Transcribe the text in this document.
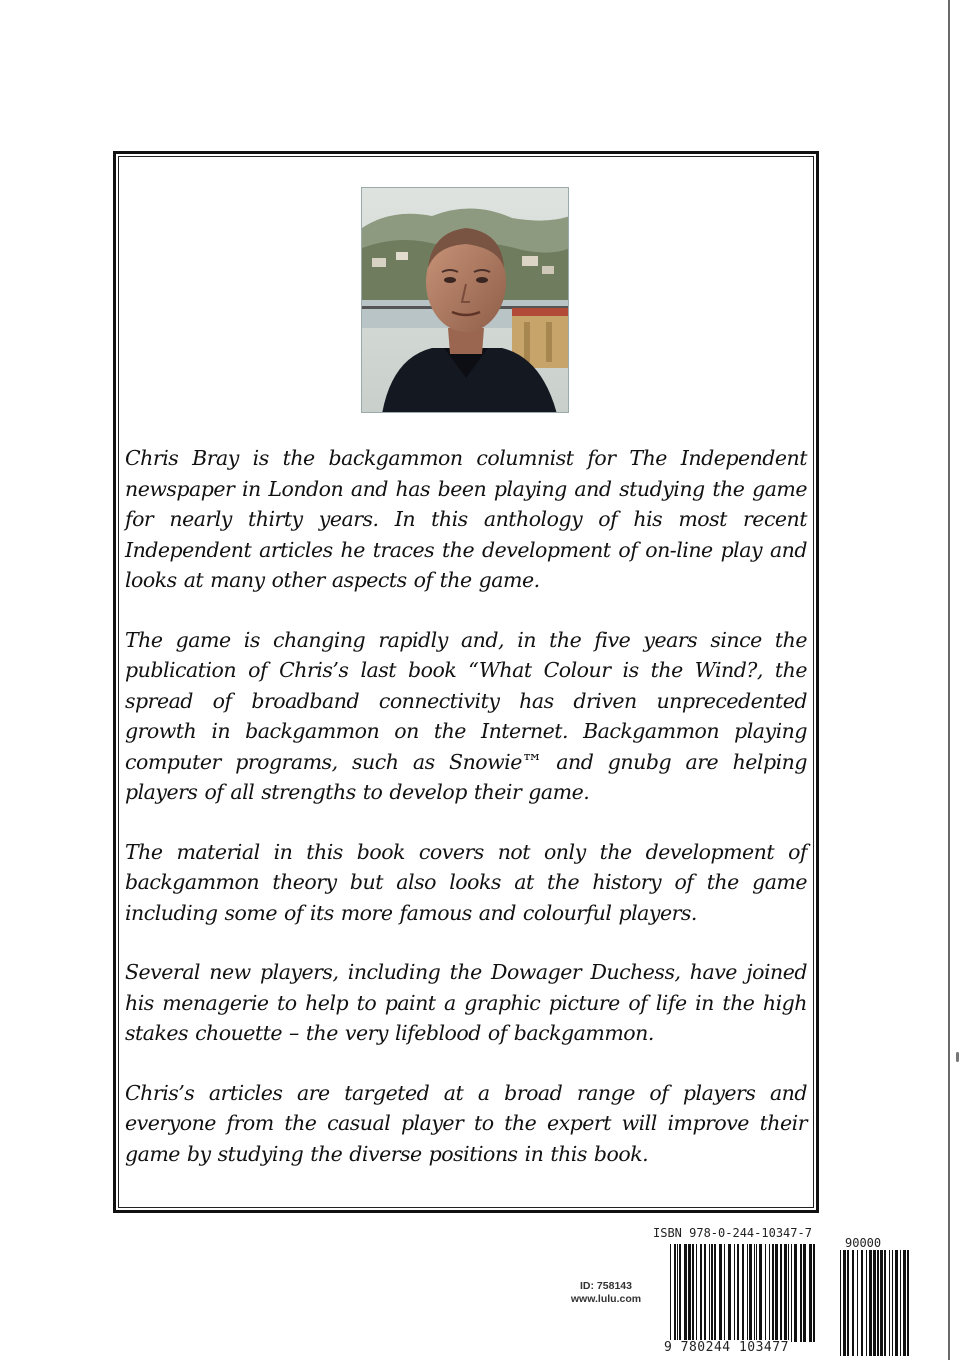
Chris Bray is the backgammon columnist for The Independent newspaper in London and has been playing and studying the game for nearly thirty years. In this anthology of his most recent Independent articles he traces the development of on-line play and looks at many other aspects of the game.

The game is changing rapidly and, in the five years since the publication of Chris’s last book “What Colour is the Wind?, the spread of broadband connectivity has driven unprecedented growth in backgammon on the Internet. Backgammon playing computer programs, such as Snowie™ and gnubg are helping players of all strengths to develop their game.

The material in this book covers not only the development of backgammon theory but also looks at the history of the game including some of its more famous and colourful players.

Several new players, including the Dowager Duchess, have joined his menagerie to help to paint a graphic picture of life in the high stakes chouette – the very lifeblood of backgammon.

Chris’s articles are targeted at a broad range of players and everyone from the casual player to the expert will improve their game by studying the diverse positions in this book.

ID: 758143
www.lulu.com
ISBN 978-0-244-10347-7
90000
9 780244 103477
